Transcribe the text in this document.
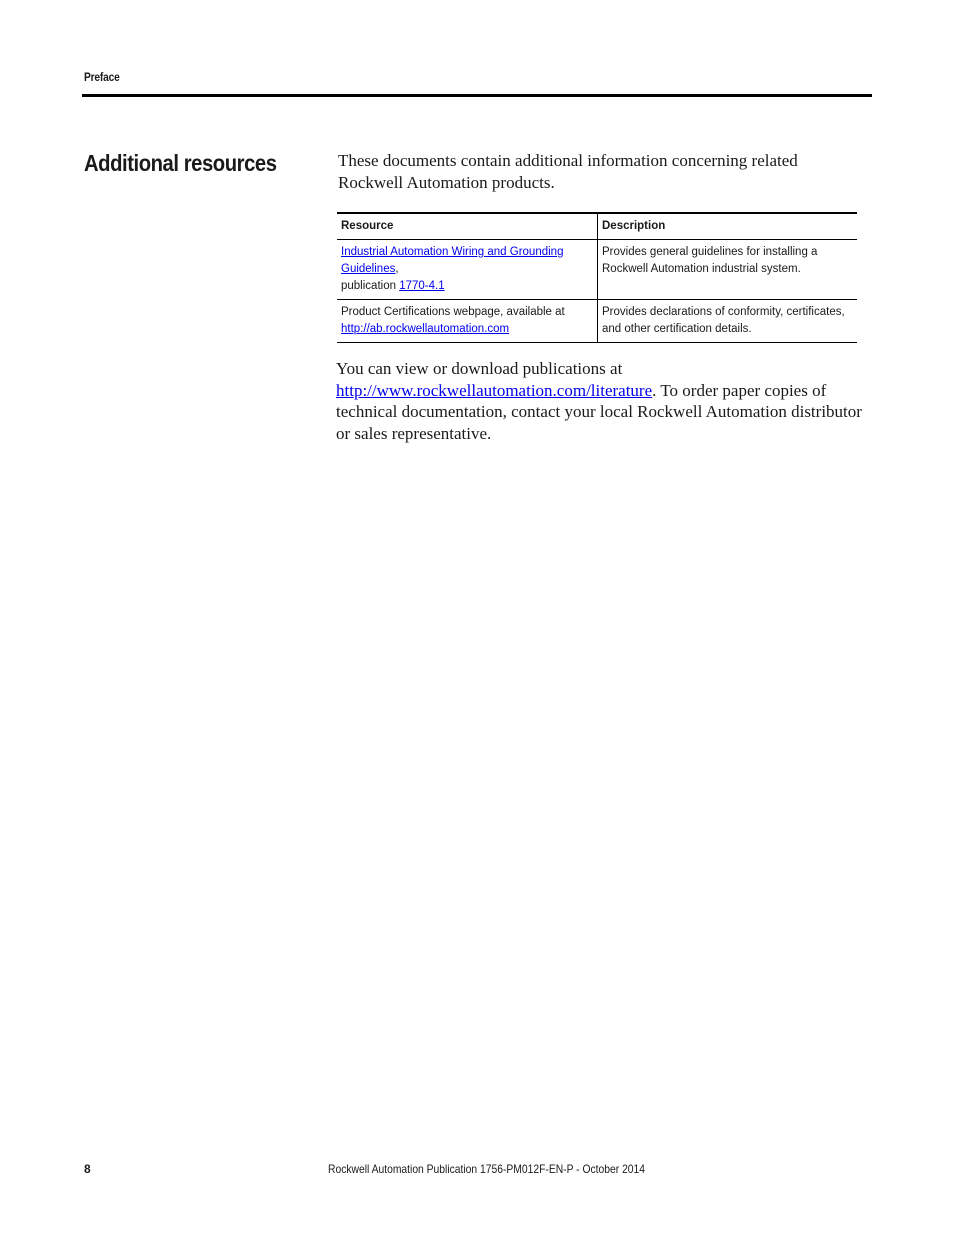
Preface
Additional resources	These documents contain additional information concerning related Rockwell Automation products.

Resource	Description
Industrial Automation Wiring and Grounding Guidelines,
publication 1770-4.1	Provides general guidelines for installing a Rockwell Automation industrial system.
Product Certifications webpage, available at
http://ab.rockwellautomation.com	Provides declarations of conformity, certificates, and other certification details.

You can view or download publications at
http://www.rockwellautomation.com/literature. To order paper copies of technical documentation, contact your local Rockwell Automation distributor or sales representative.

8	Rockwell Automation Publication 1756-PM012F-EN-P - October 2014
